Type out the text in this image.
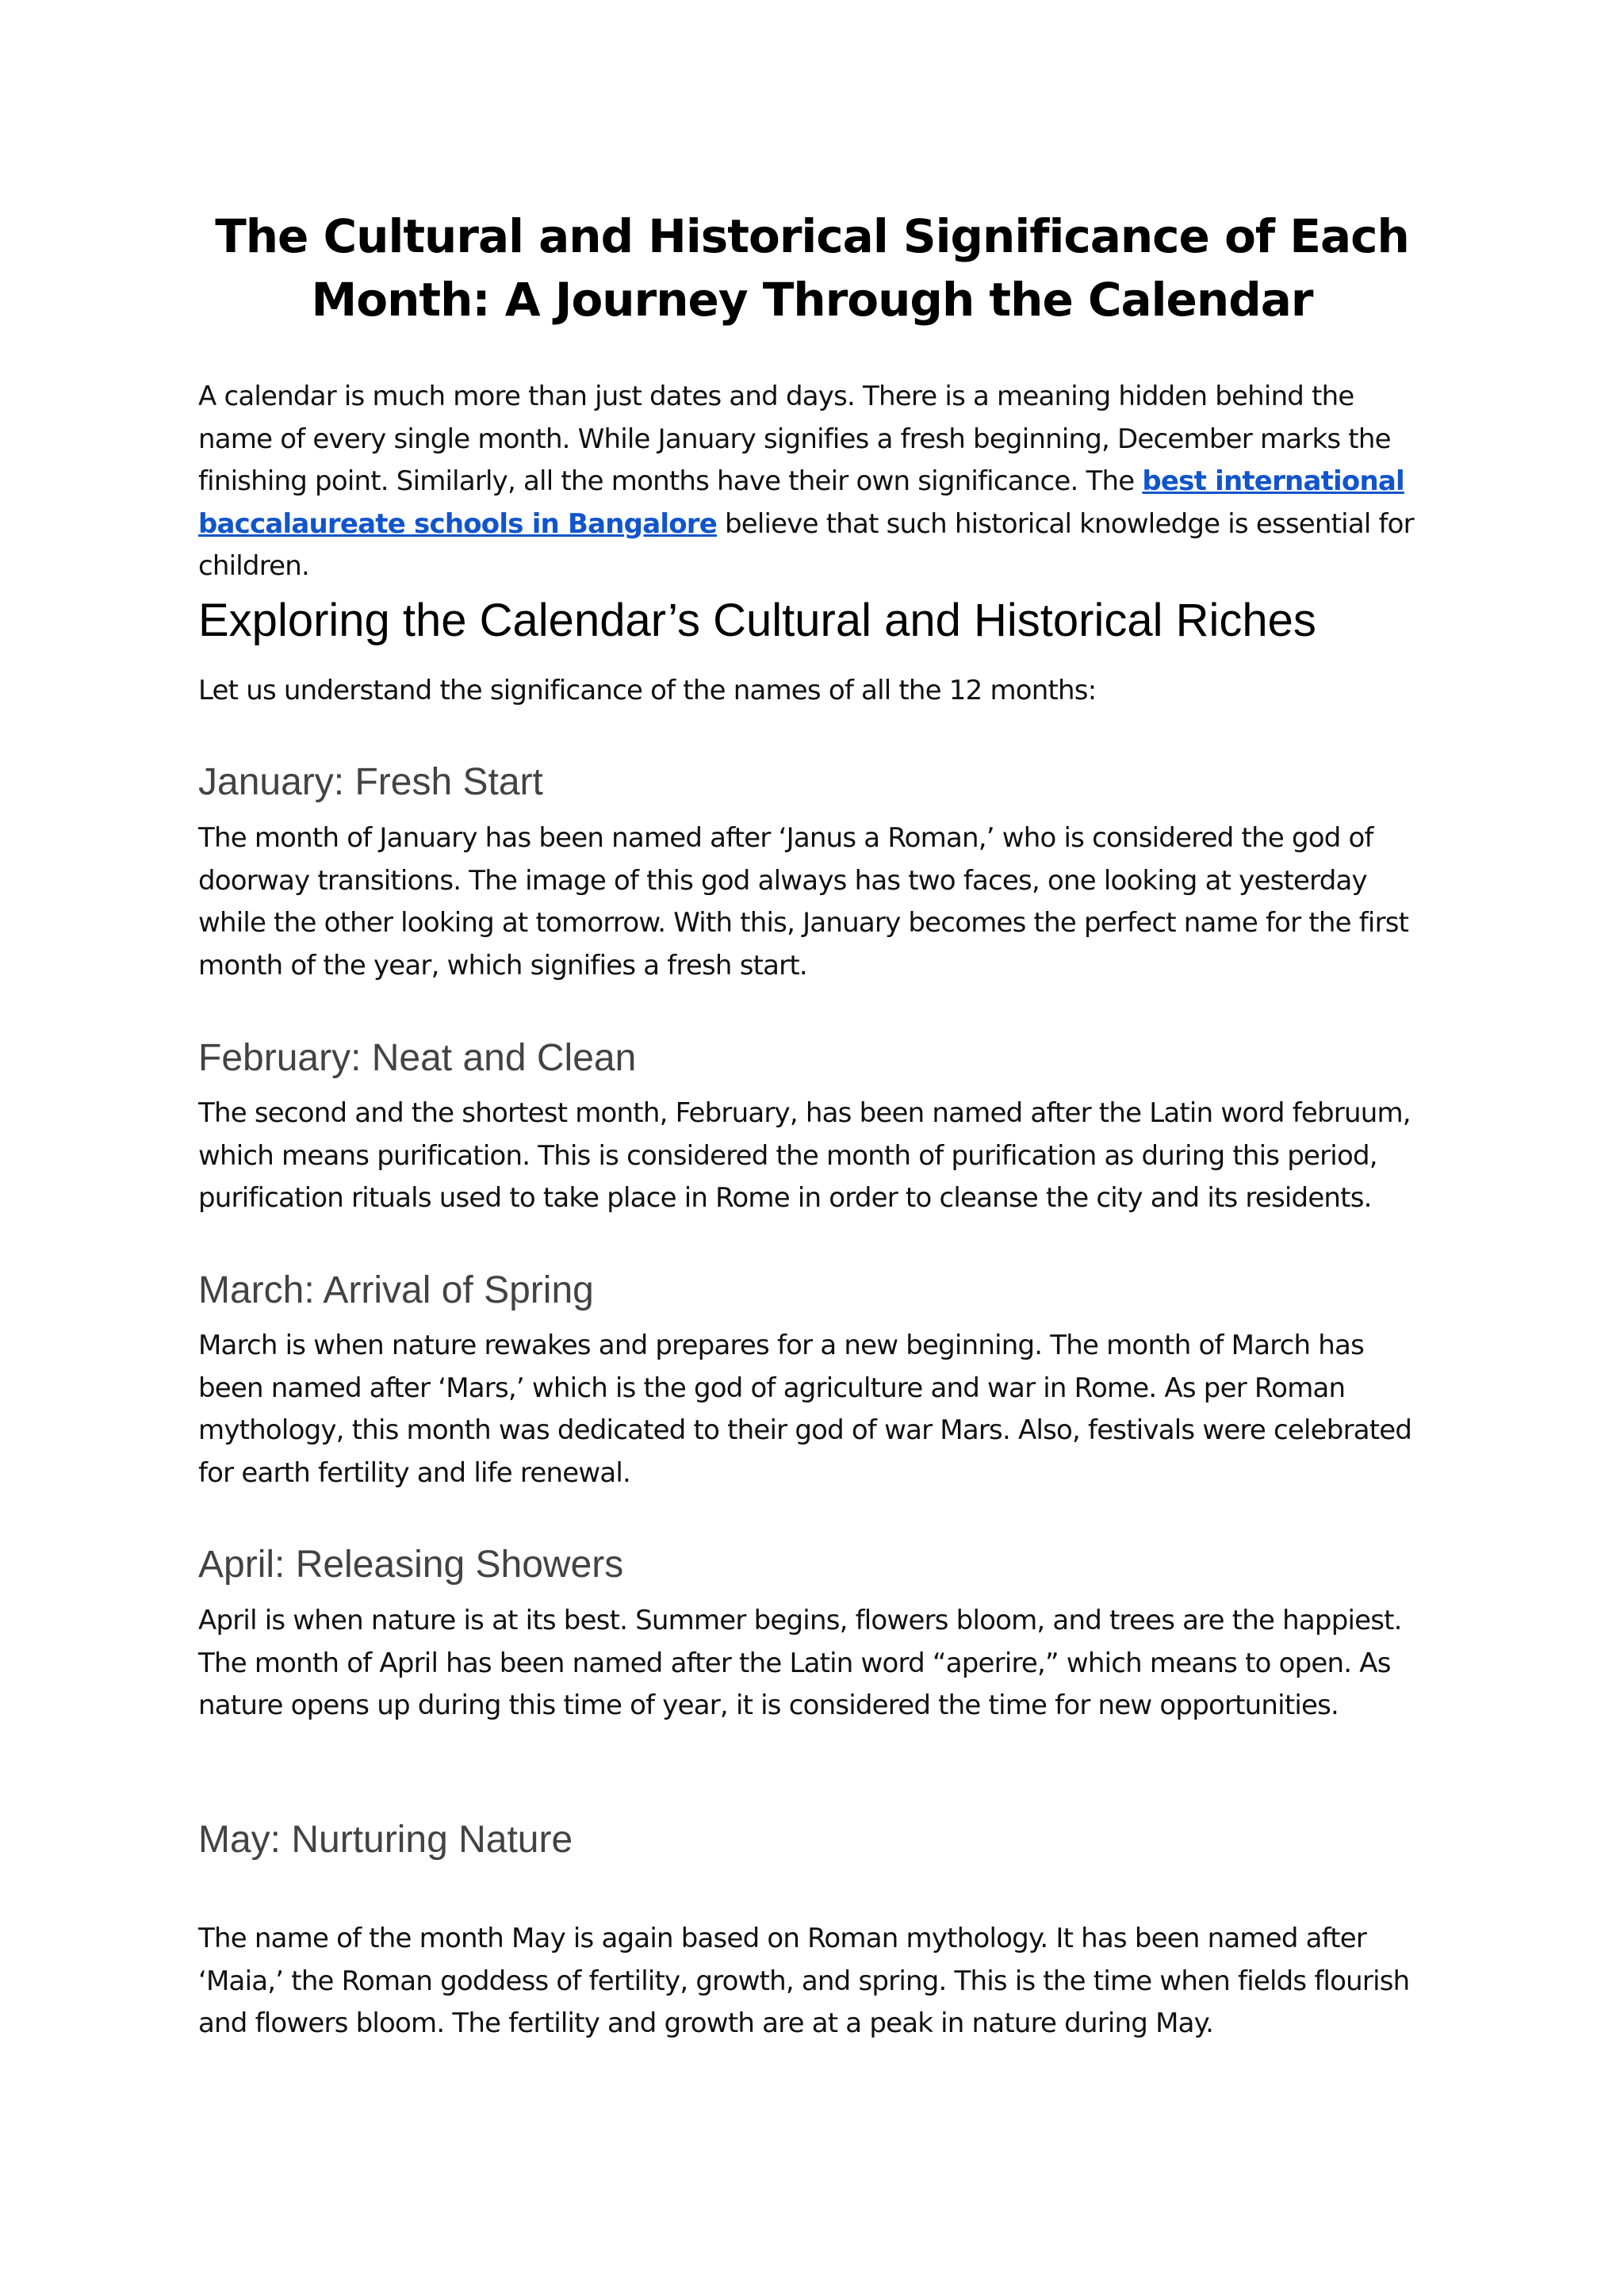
The Cultural and Historical Significance of Each Month: A Journey Through the Calendar

A calendar is much more than just dates and days. There is a meaning hidden behind the name of every single month. While January signifies a fresh beginning, December marks the finishing point. Similarly, all the months have their own significance. The best international baccalaureate schools in Bangalore believe that such historical knowledge is essential for children.

Exploring the Calendar’s Cultural and Historical Riches

Let us understand the significance of the names of all the 12 months:

January: Fresh Start

The month of January has been named after ‘Janus a Roman,’ who is considered the god of doorway transitions. The image of this god always has two faces, one looking at yesterday while the other looking at tomorrow. With this, January becomes the perfect name for the first month of the year, which signifies a fresh start.

February: Neat and Clean

The second and the shortest month, February, has been named after the Latin word februum, which means purification. This is considered the month of purification as during this period, purification rituals used to take place in Rome in order to cleanse the city and its residents.

March: Arrival of Spring

March is when nature rewakes and prepares for a new beginning. The month of March has been named after ‘Mars,’ which is the god of agriculture and war in Rome. As per Roman mythology, this month was dedicated to their god of war Mars. Also, festivals were celebrated for earth fertility and life renewal.

April: Releasing Showers

April is when nature is at its best. Summer begins, flowers bloom, and trees are the happiest. The month of April has been named after the Latin word “aperire,” which means to open. As nature opens up during this time of year, it is considered the time for new opportunities.

May: Nurturing Nature

The name of the month May is again based on Roman mythology. It has been named after ‘Maia,’ the Roman goddess of fertility, growth, and spring. This is the time when fields flourish and flowers bloom. The fertility and growth are at a peak in nature during May.
